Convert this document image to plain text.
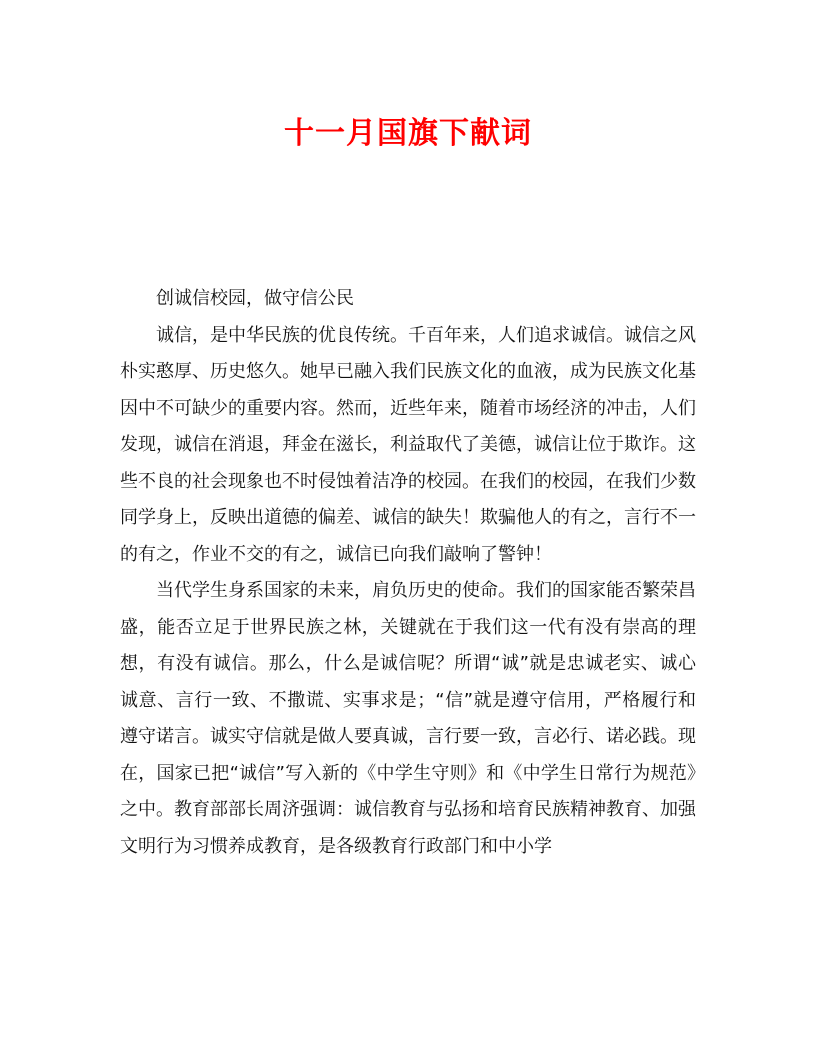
十一月国旗下献词

创诚信校园，做守信公民

诚信，是中华民族的优良传统。千百年来，人们追求诚信。诚信之风朴实憨厚、历史悠久。她早已融入我们民族文化的血液，成为民族文化基因中不可缺少的重要内容。然而，近些年来，随着市场经济的冲击，人们发现，诚信在消退，拜金在滋长，利益取代了美德，诚信让位于欺诈。这些不良的社会现象也不时侵蚀着洁净的校园。在我们的校园，在我们少数同学身上，反映出道德的偏差、诚信的缺失！欺骗他人的有之，言行不一的有之，作业不交的有之，诚信已向我们敲响了警钟！

当代学生身系国家的未来，肩负历史的使命。我们的国家能否繁荣昌盛，能否立足于世界民族之林，关键就在于我们这一代有没有崇高的理想，有没有诚信。那么，什么是诚信呢？所谓“诚”就是忠诚老实、诚心诚意、言行一致、不撒谎、实事求是；“信”就是遵守信用，严格履行和遵守诺言。诚实守信就是做人要真诚，言行要一致，言必行、诺必践。现在，国家已把“诚信”写入新的《中学生守则》和《中学生日常行为规范》之中。教育部部长周济强调：诚信教育与弘扬和培育民族精神教育、加强文明行为习惯养成教育，是各级教育行政部门和中小学
